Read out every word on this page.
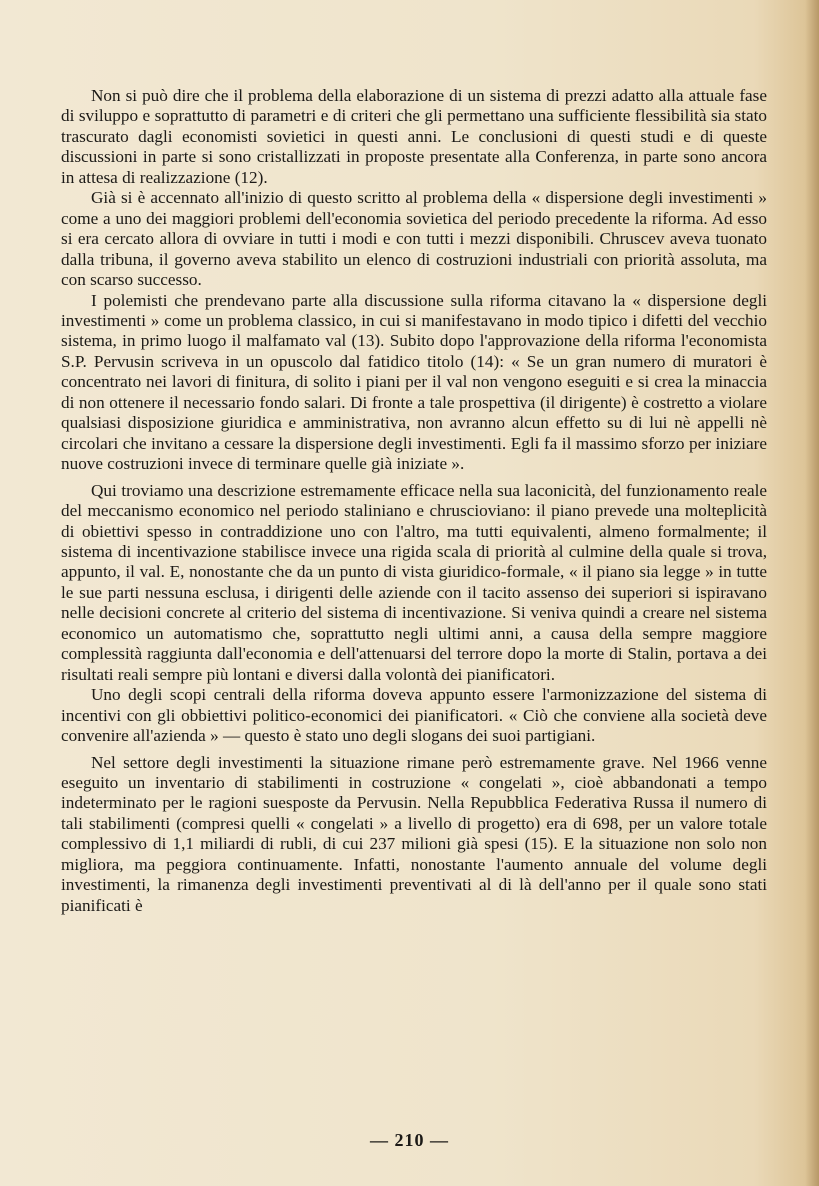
Non si può dire che il problema della elaborazione di un sistema di prezzi adatto alla attuale fase di sviluppo e soprattutto di parametri e di criteri che gli permettano una sufficiente flessibilità sia stato trascurato dagli economisti sovietici in questi anni. Le conclusioni di questi studi e di queste discussioni in parte si sono cristallizzati in proposte presentate alla Conferenza, in parte sono ancora in attesa di realizzazione (12).

Già si è accennato all'inizio di questo scritto al problema della « dispersione degli investimenti » come a uno dei maggiori problemi dell'economia sovietica del periodo precedente la riforma. Ad esso si era cercato allora di ovviare in tutti i modi e con tutti i mezzi disponibili. Chruscev aveva tuonato dalla tribuna, il governo aveva stabilito un elenco di costruzioni industriali con priorità assoluta, ma con scarso successo.

I polemisti che prendevano parte alla discussione sulla riforma citavano la « dispersione degli investimenti » come un problema classico, in cui si manifestavano in modo tipico i difetti del vecchio sistema, in primo luogo il malfamato val (13). Subito dopo l'approvazione della riforma l'economista S.P. Pervusin scriveva in un opuscolo dal fatidico titolo (14): « Se un gran numero di muratori è concentrato nei lavori di finitura, di solito i piani per il val non vengono eseguiti e si crea la minaccia di non ottenere il necessario fondo salari. Di fronte a tale prospettiva (il dirigente) è costretto a violare qualsiasi disposizione giuridica e amministrativa, non avranno alcun effetto su di lui nè appelli nè circolari che invitano a cessare la dispersione degli investimenti. Egli fa il massimo sforzo per iniziare nuove costruzioni invece di terminare quelle già iniziate ».

Qui troviamo una descrizione estremamente efficace nella sua laconicità, del funzionamento reale del meccanismo economico nel periodo staliniano e chruscioviano: il piano prevede una molteplicità di obiettivi spesso in contraddizione uno con l'altro, ma tutti equivalenti, almeno formalmente; il sistema di incentivazione stabilisce invece una rigida scala di priorità al culmine della quale si trova, appunto, il val. E, nonostante che da un punto di vista giuridico-formale, « il piano sia legge » in tutte le sue parti nessuna esclusa, i dirigenti delle aziende con il tacito assenso dei superiori si ispiravano nelle decisioni concrete al criterio del sistema di incentivazione. Si veniva quindi a creare nel sistema economico un automatismo che, soprattutto negli ultimi anni, a causa della sempre maggiore complessità raggiunta dall'economia e dell'attenuarsi del terrore dopo la morte di Stalin, portava a dei risultati reali sempre più lontani e diversi dalla volontà dei pianificatori.

Uno degli scopi centrali della riforma doveva appunto essere l'armonizzazione del sistema di incentivi con gli obbiettivi politico-economici dei pianificatori. « Ciò che conviene alla società deve convenire all'azienda » — questo è stato uno degli slogans dei suoi partigiani.

Nel settore degli investimenti la situazione rimane però estremamente grave. Nel 1966 venne eseguito un inventario di stabilimenti in costruzione « congelati », cioè abbandonati a tempo indeterminato per le ragioni suesposte da Pervusin. Nella Repubblica Federativa Russa il numero di tali stabilimenti (compresi quelli « congelati » a livello di progetto) era di 698, per un valore totale complessivo di 1,1 miliardi di rubli, di cui 237 milioni già spesi (15). E la situazione non solo non migliora, ma peggiora continuamente. Infatti, nonostante l'aumento annuale del volume degli investimenti, la rimanenza degli investimenti preventivati al di là dell'anno per il quale sono stati pianificati è

— 210 —
